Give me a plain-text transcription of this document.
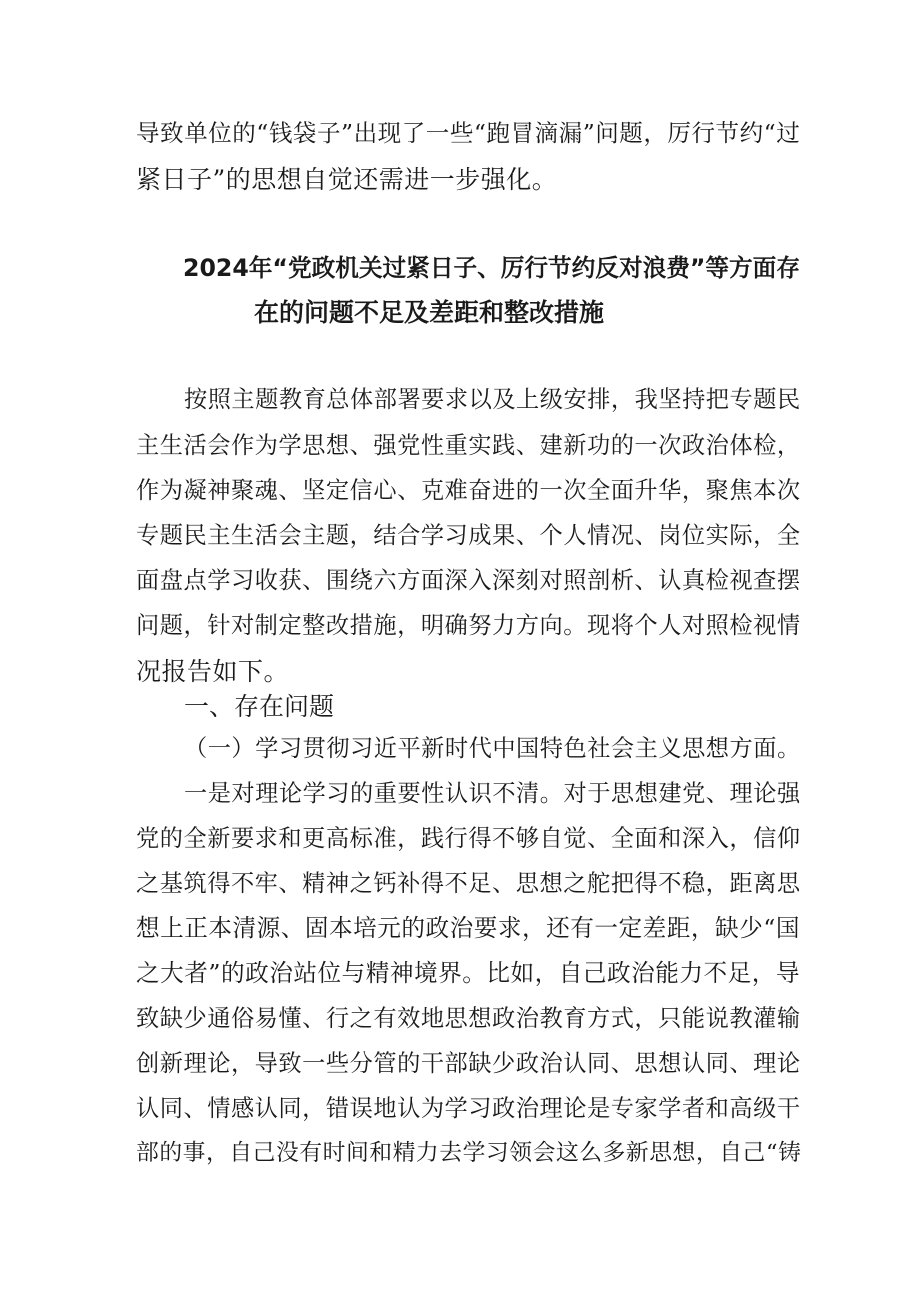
导致单位的“钱袋子”出现了一些“跑冒滴漏”问题，厉行节约“过
紧日子”的思想自觉还需进一步强化。
2024年“党政机关过紧日子、厉行节约反对浪费”等方面存
在的问题不足及差距和整改措施
按照主题教育总体部署要求以及上级安排，我坚持把专题民
主生活会作为学思想、强党性重实践、建新功的一次政治体检，
作为凝神聚魂、坚定信心、克难奋进的一次全面升华，聚焦本次
专题民主生活会主题，结合学习成果、个人情况、岗位实际，全
面盘点学习收获、围绕六方面深入深刻对照剖析、认真检视查摆
问题，针对制定整改措施，明确努力方向。现将个人对照检视情
况报告如下。
一、存在问题
（一）学习贯彻习近平新时代中国特色社会主义思想方面。
一是对理论学习的重要性认识不清。对于思想建党、理论强
党的全新要求和更高标准，践行得不够自觉、全面和深入，信仰
之基筑得不牢、精神之钙补得不足、思想之舵把得不稳，距离思
想上正本清源、固本培元的政治要求，还有一定差距，缺少“国
之大者”的政治站位与精神境界。比如，自己政治能力不足，导
致缺少通俗易懂、行之有效地思想政治教育方式，只能说教灌输
创新理论，导致一些分管的干部缺少政治认同、思想认同、理论
认同、情感认同，错误地认为学习政治理论是专家学者和高级干
部的事，自己没有时间和精力去学习领会这么多新思想，自己“铸
